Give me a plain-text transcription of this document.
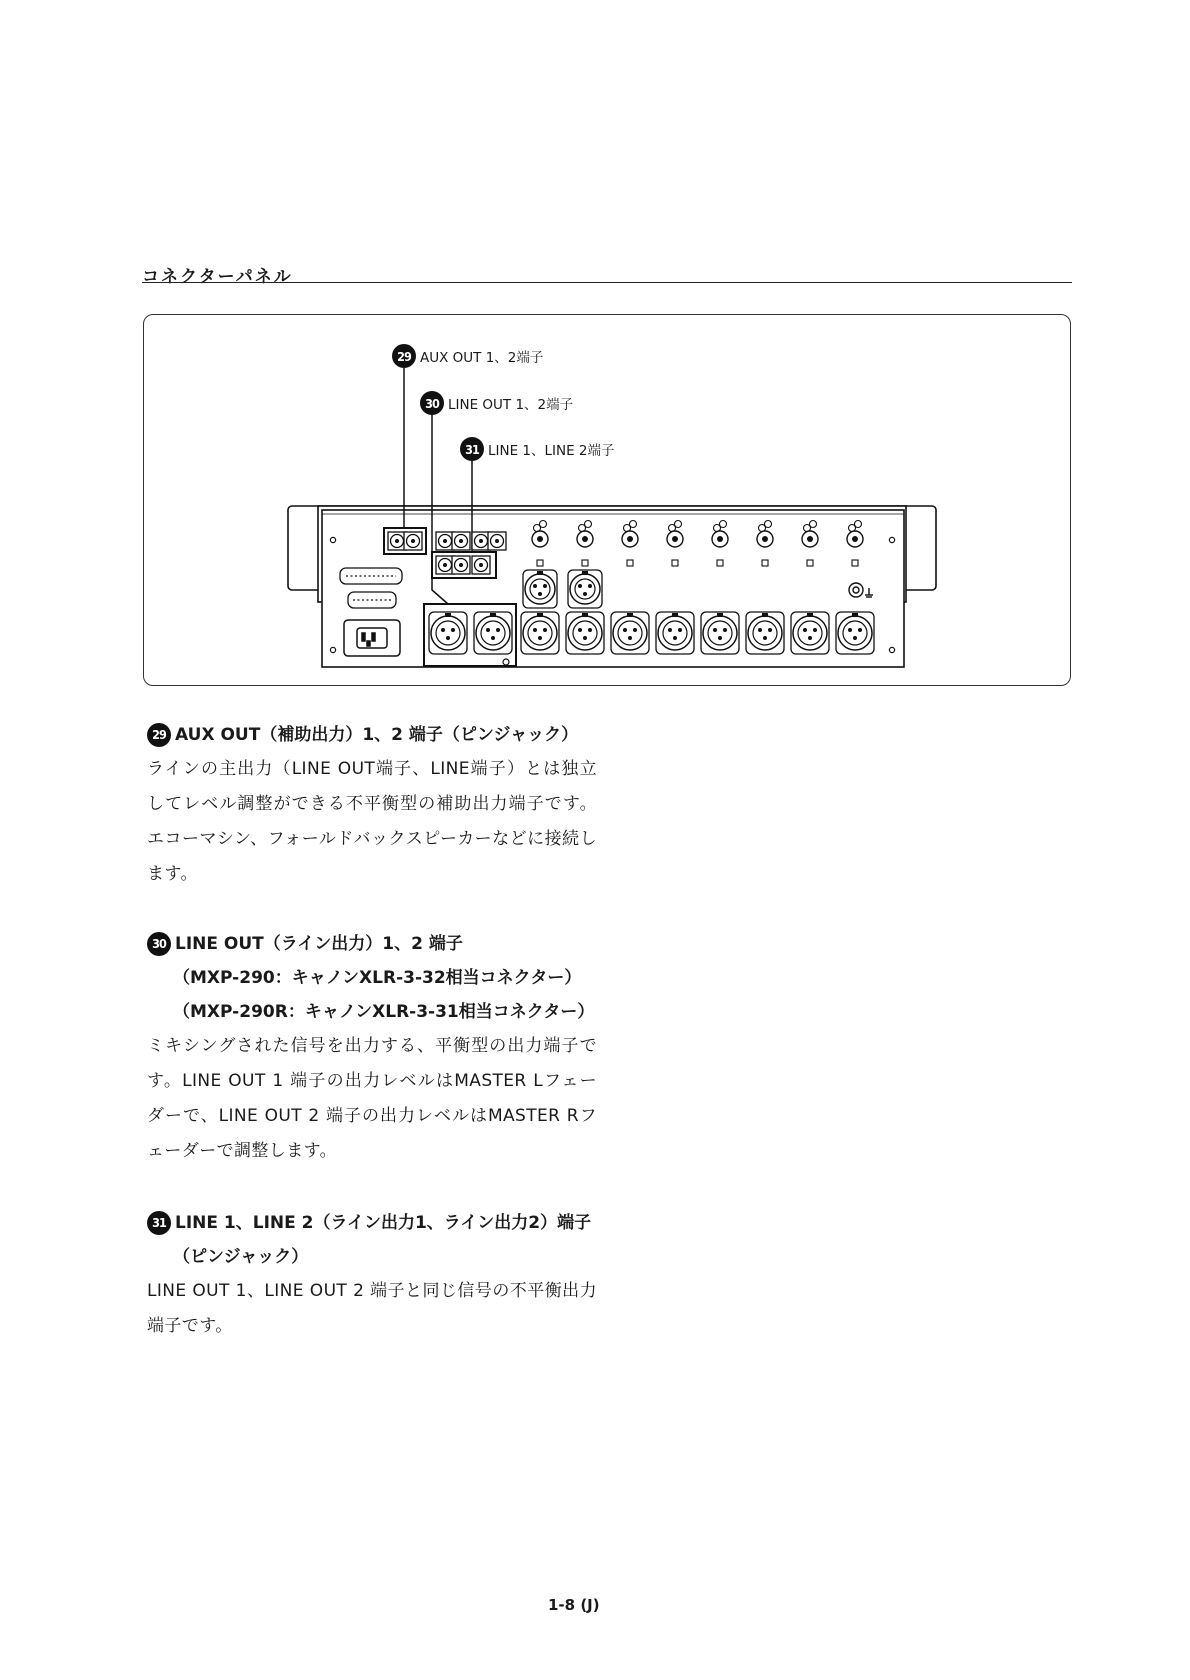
コネクターパネル
29 AUX OUT 1、2端子
30 LINE OUT 1、2端子
31 LINE 1、LINE 2端子
29 AUX OUT（補助出力）1、2 端子（ピンジャック）
ラインの主出力（LINE OUT端子、LINE端子）とは独立してレベル調整ができる不平衡型の補助出力端子です。エコーマシン、フォールドバックスピーカーなどに接続します。
30 LINE OUT（ライン出力）1、2 端子
（MXP-290：キャノンXLR-3-32相当コネクター）
（MXP-290R：キャノンXLR-3-31相当コネクター）
ミキシングされた信号を出力する、平衡型の出力端子です。LINE OUT 1 端子の出力レベルはMASTER Lフェーダーで、LINE OUT 2 端子の出力レベルはMASTER Rフェーダーで調整します。
31 LINE 1、LINE 2（ライン出力1、ライン出力2）端子
（ピンジャック）
LINE OUT 1、LINE OUT 2 端子と同じ信号の不平衡出力端子です。
1-8 (J)
